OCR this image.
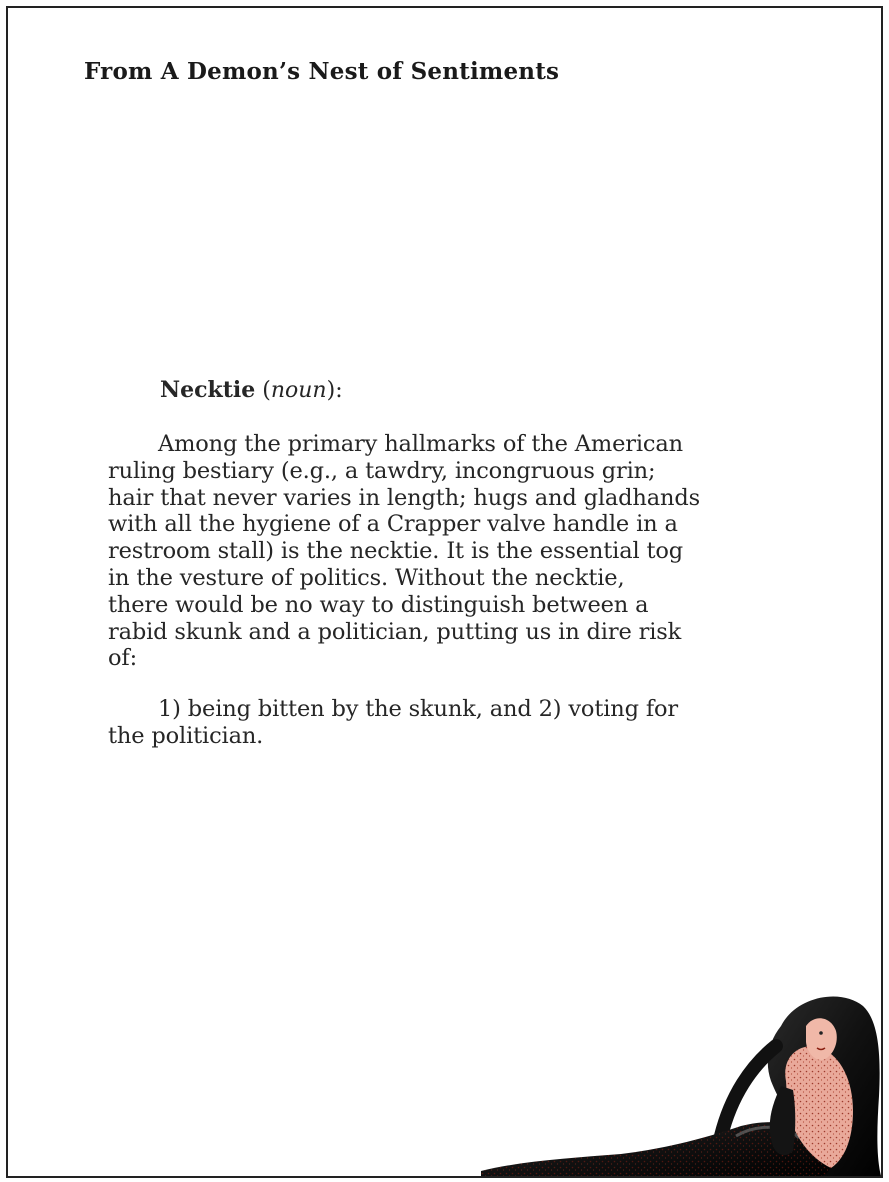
From A Demon’s Nest of Sentiments
Necktie (noun):
Among the primary hallmarks of the American
ruling bestiary (e.g., a tawdry, incongruous grin;
hair that never varies in length; hugs and gladhands
with all the hygiene of a Crapper valve handle in a
restroom stall) is the necktie. It is the essential tog
in the vesture of politics. Without the necktie,
there would be no way to distinguish between a
rabid skunk and a politician, putting us in dire risk
of:
1) being bitten by the skunk, and 2) voting for
the politician.
